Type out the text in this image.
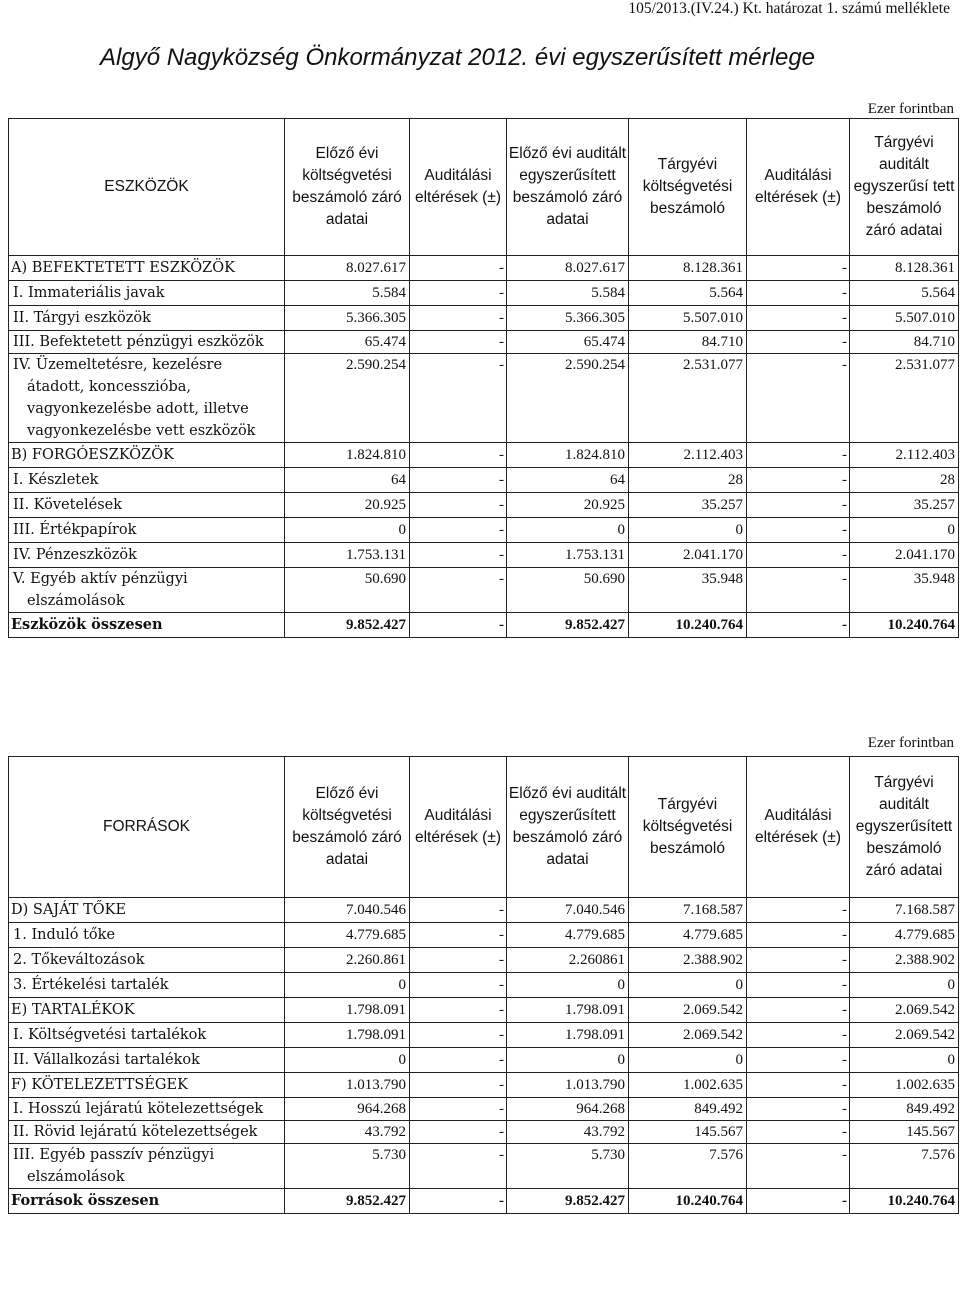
105/2013.(IV.24.) Kt. határozat 1. számú melléklete
Algyő Nagyközség Önkormányzat 2012. évi egyszerűsített mérlege
Ezer forintban
ESZKÖZÖK	Előző évi költségvetési beszámoló záró adatai	Auditálási eltérések (±)	Előző évi auditált egyszerűsített beszámoló záró adatai	Tárgyévi költségvetési beszámoló	Auditálási eltérések (±)	Tárgyévi auditált egyszerűsí tett beszámoló záró adatai
A) BEFEKTETETT ESZKÖZÖK	8.027.617	-	8.027.617	8.128.361	-	8.128.361
I. Immateriális javak	5.584	-	5.584	5.564	-	5.564
II. Tárgyi eszközök	5.366.305	-	5.366.305	5.507.010	-	5.507.010
III. Befektetett pénzügyi eszközök	65.474	-	65.474	84.710	-	84.710
IV. Üzemeltetésre, kezelésre átadott, koncesszióba, vagyonkezelésbe adott, illetve vagyonkezelésbe vett eszközök	2.590.254	-	2.590.254	2.531.077	-	2.531.077
B) FORGÓESZKÖZÖK	1.824.810	-	1.824.810	2.112.403	-	2.112.403
I. Készletek	64	-	64	28	-	28
II. Követelések	20.925	-	20.925	35.257	-	35.257
III. Értékpapírok	0	-	0	0	-	0
IV. Pénzeszközök	1.753.131	-	1.753.131	2.041.170	-	2.041.170
V. Egyéb aktív pénzügyi elszámolások	50.690	-	50.690	35.948	-	35.948
Eszközök összesen	9.852.427	-	9.852.427	10.240.764	-	10.240.764
Ezer forintban
FORRÁSOK	Előző évi költségvetési beszámoló záró adatai	Auditálási eltérések (±)	Előző évi auditált egyszerűsített beszámoló záró adatai	Tárgyévi költségvetési beszámoló	Auditálási eltérések (±)	Tárgyévi auditált egyszerűsített beszámoló záró adatai
D) SAJÁT TŐKE	7.040.546	-	7.040.546	7.168.587	-	7.168.587
1. Induló tőke	4.779.685	-	4.779.685	4.779.685	-	4.779.685
2. Tőkeváltozások	2.260.861	-	2.260861	2.388.902	-	2.388.902
3. Értékelési tartalék	0	-	0	0	-	0
E) TARTALÉKOK	1.798.091	-	1.798.091	2.069.542	-	2.069.542
I. Költségvetési tartalékok	1.798.091	-	1.798.091	2.069.542	-	2.069.542
II. Vállalkozási tartalékok	0	-	0	0	-	0
F) KÖTELEZETTSÉGEK	1.013.790	-	1.013.790	1.002.635	-	1.002.635
I. Hosszú lejáratú kötelezettségek	964.268	-	964.268	849.492	-	849.492
II. Rövid lejáratú kötelezettségek	43.792	-	43.792	145.567	-	145.567
III. Egyéb passzív pénzügyi elszámolások	5.730	-	5.730	7.576	-	7.576
Források összesen	9.852.427	-	9.852.427	10.240.764	-	10.240.764
